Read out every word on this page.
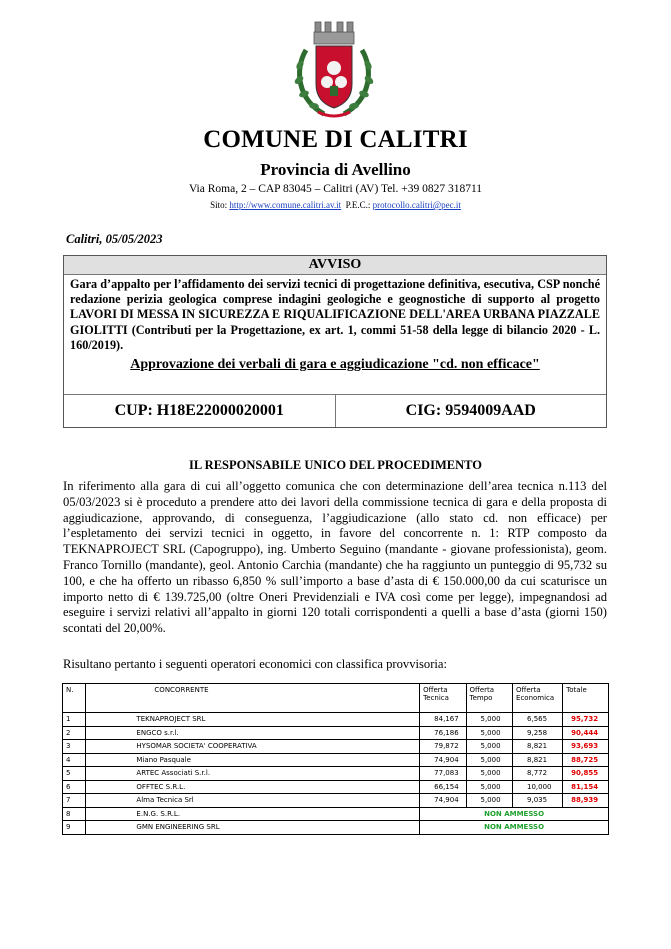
COMUNE DI CALITRI
Provincia di Avellino
Via Roma, 2 – CAP 83045 – Calitri (AV) Tel. +39 0827 318711
Sito: http://www.comune.calitri.av.it P.E.C.: protocollo.calitri@pec.it
Calitri, 05/05/2023
AVVISO
Gara d’appalto per l’affidamento dei servizi tecnici di progettazione definitiva, esecutiva, CSP nonché redazione perizia geologica comprese indagini geologiche e geognostiche di supporto al progetto LAVORI DI MESSA IN SICUREZZA E RIQUALIFICAZIONE DELL'AREA URBANA PIAZZALE GIOLITTI (Contributi per la Progettazione, ex art. 1, commi 51-58 della legge di bilancio 2020 - L. 160/2019).
Approvazione dei verbali di gara e aggiudicazione "cd. non efficace"
CUP: H18E22000020001	CIG: 9594009AAD
IL RESPONSABILE UNICO DEL PROCEDIMENTO
In riferimento alla gara di cui all’oggetto comunica che con determinazione dell’area tecnica n.113 del 05/03/2023 si è proceduto a prendere atto dei lavori della commissione tecnica di gara e della proposta di aggiudicazione, approvando, di conseguenza, l’aggiudicazione (allo stato cd. non efficace) per l’espletamento dei servizi tecnici in oggetto, in favore del concorrente n. 1: RTP composto da TEKNAPROJECT SRL (Capogruppo), ing. Umberto Seguino (mandante - giovane professionista), geom. Franco Tornillo (mandante), geol. Antonio Carchia (mandante) che ha raggiunto un punteggio di 95,732 su 100, e che ha offerto un ribasso 6,850 % sull’importo a base d’asta di € 150.000,00 da cui scaturisce un importo netto di € 139.725,00 (oltre Oneri Previdenziali e IVA così come per legge), impegnandosi ad eseguire i servizi relativi all’appalto in giorni 120 totali corrispondenti a quelli a base d’asta (giorni 150) scontati del 20,00%.
Risultano pertanto i seguenti operatori economici con classifica provvisoria:
N.	CONCORRENTE	Offerta Tecnica	Offerta Tempo	Offerta Economica	Totale
1	TEKNAPROJECT SRL	84,167	5,000	6,565	95,732
2	ENGCO s.r.l.	76,186	5,000	9,258	90,444
3	HYSOMAR SOCIETA' COOPERATIVA	79,872	5,000	8,821	93,693
4	Miano Pasquale	74,904	5,000	8,821	88,725
5	ARTEC Associati S.r.l.	77,083	5,000	8,772	90,855
6	OFFTEC S.R.L.	66,154	5,000	10,000	81,154
7	Alma Tecnica Srl	74,904	5,000	9,035	88,939
8	E.N.G. S.R.L.	NON AMMESSO			
9	GMN ENGINEERING SRL	NON AMMESSO			
